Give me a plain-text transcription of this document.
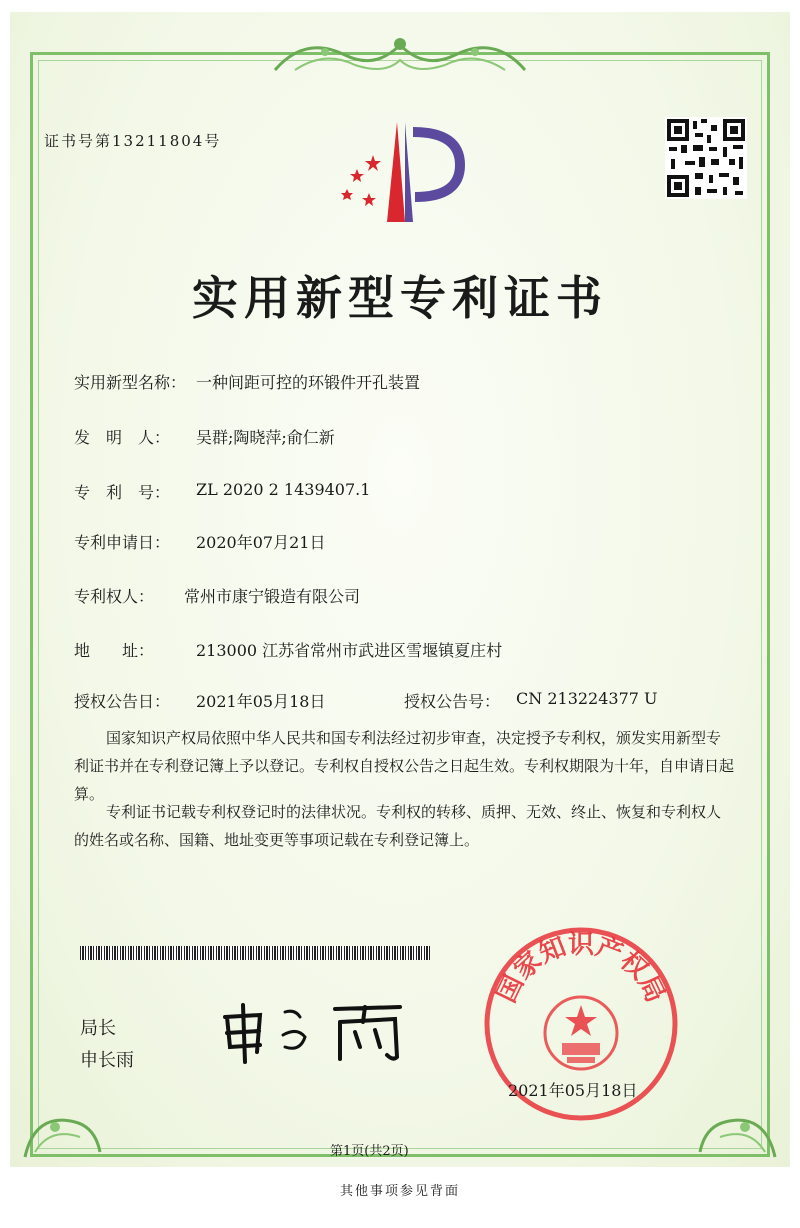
证书号第13211804号
实用新型专利证书
实用新型名称： 一种间距可控的环锻件开孔装置
发　明　人： 吴群;陶晓萍;俞仁新
专　利　号： ZL 2020 2 1439407.1
专利申请日： 2020年07月21日
专利权人： 常州市康宁锻造有限公司
地　　址：	213000 江苏省常州市武进区雪堰镇夏庄村
授权公告日： 2021年05月18日	授权公告号： CN 213224377 U
国家知识产权局依照中华人民共和国专利法经过初步审查，决定授予专利权，颁发实用新型专利证书并在专利登记簿上予以登记。专利权自授权公告之日起生效。专利权期限为十年，自申请日起算。
专利证书记载专利权登记时的法律状况。专利权的转移、质押、无效、终止、恢复和专利权人的姓名或名称、国籍、地址变更等事项记载在专利登记簿上。
局长
申长雨
国家知识产权局
2021年05月18日
第1页(共2页)
其他事项参见背面
